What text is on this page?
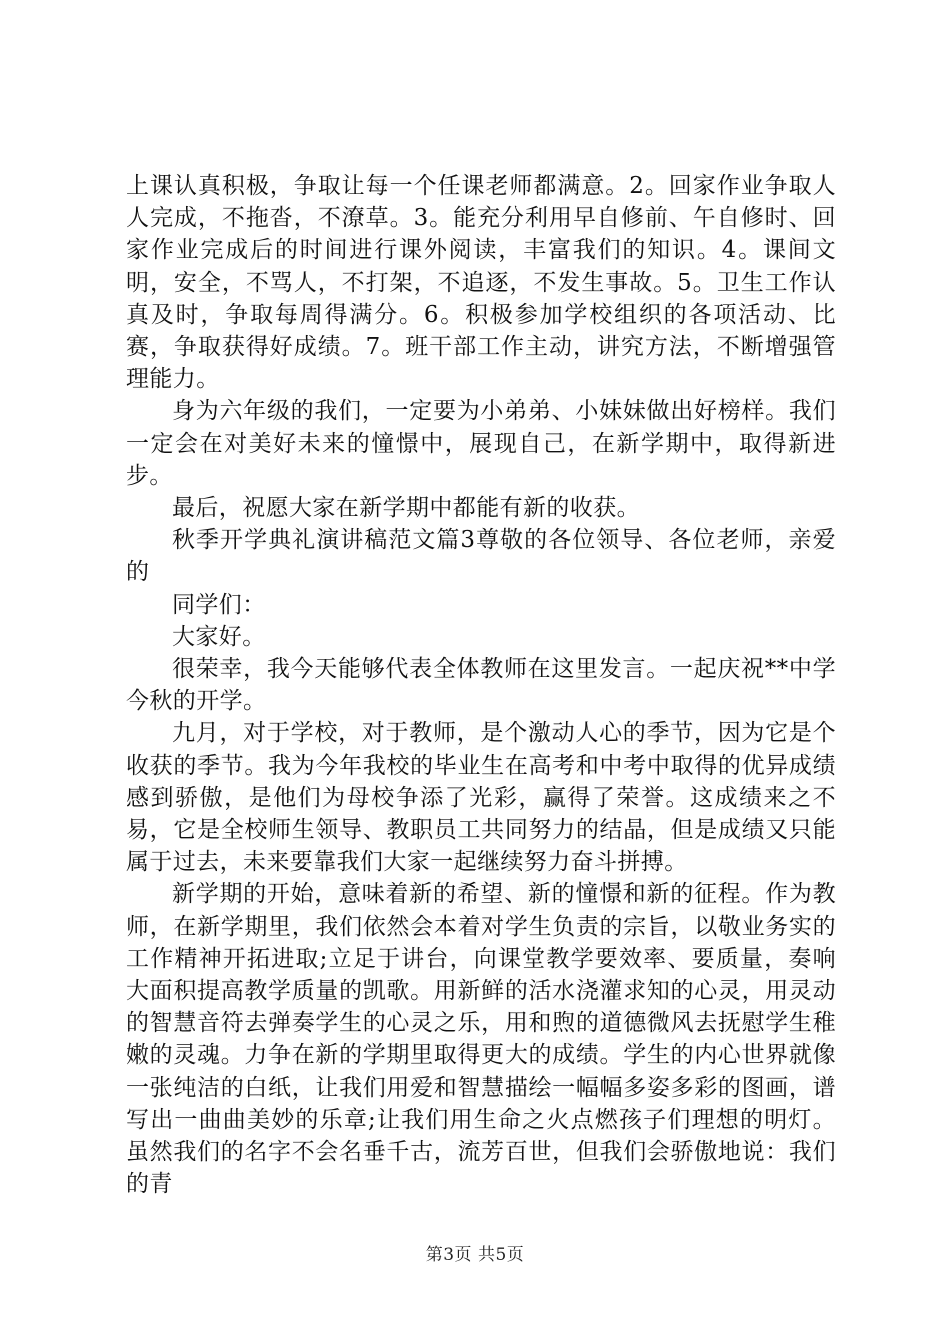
上课认真积极，争取让每一个任课老师都满意。2。回家作业争取人人完成，不拖沓，不潦草。3。能充分利用早自修前、午自修时、回家作业完成后的时间进行课外阅读，丰富我们的知识。4。课间文明，安全，不骂人，不打架，不追逐，不发生事故。5。卫生工作认真及时，争取每周得满分。6。积极参加学校组织的各项活动、比赛，争取获得好成绩。7。班干部工作主动，讲究方法，不断增强管理能力。

身为六年级的我们，一定要为小弟弟、小妹妹做出好榜样。我们一定会在对美好未来的憧憬中，展现自己，在新学期中，取得新进步。

最后，祝愿大家在新学期中都能有新的收获。

秋季开学典礼演讲稿范文篇3尊敬的各位领导、各位老师，亲爱的

同学们：

大家好。

很荣幸，我今天能够代表全体教师在这里发言。一起庆祝**中学今秋的开学。

九月，对于学校，对于教师，是个激动人心的季节，因为它是个收获的季节。我为今年我校的毕业生在高考和中考中取得的优异成绩感到骄傲，是他们为母校争添了光彩，赢得了荣誉。这成绩来之不易，它是全校师生领导、教职员工共同努力的结晶，但是成绩又只能属于过去，未来要靠我们大家一起继续努力奋斗拼搏。

新学期的开始，意味着新的希望、新的憧憬和新的征程。作为教师，在新学期里，我们依然会本着对学生负责的宗旨，以敬业务实的工作精神开拓进取;立足于讲台，向课堂教学要效率、要质量，奏响大面积提高教学质量的凯歌。用新鲜的活水浇灌求知的心灵，用灵动的智慧音符去弹奏学生的心灵之乐，用和煦的道德微风去抚慰学生稚嫩的灵魂。力争在新的学期里取得更大的成绩。学生的内心世界就像一张纯洁的白纸，让我们用爱和智慧描绘一幅幅多姿多彩的图画，谱写出一曲曲美妙的乐章;让我们用生命之火点燃孩子们理想的明灯。虽然我们的名字不会名垂千古，流芳百世，但我们会骄傲地说：我们的青

第3页 共5页
